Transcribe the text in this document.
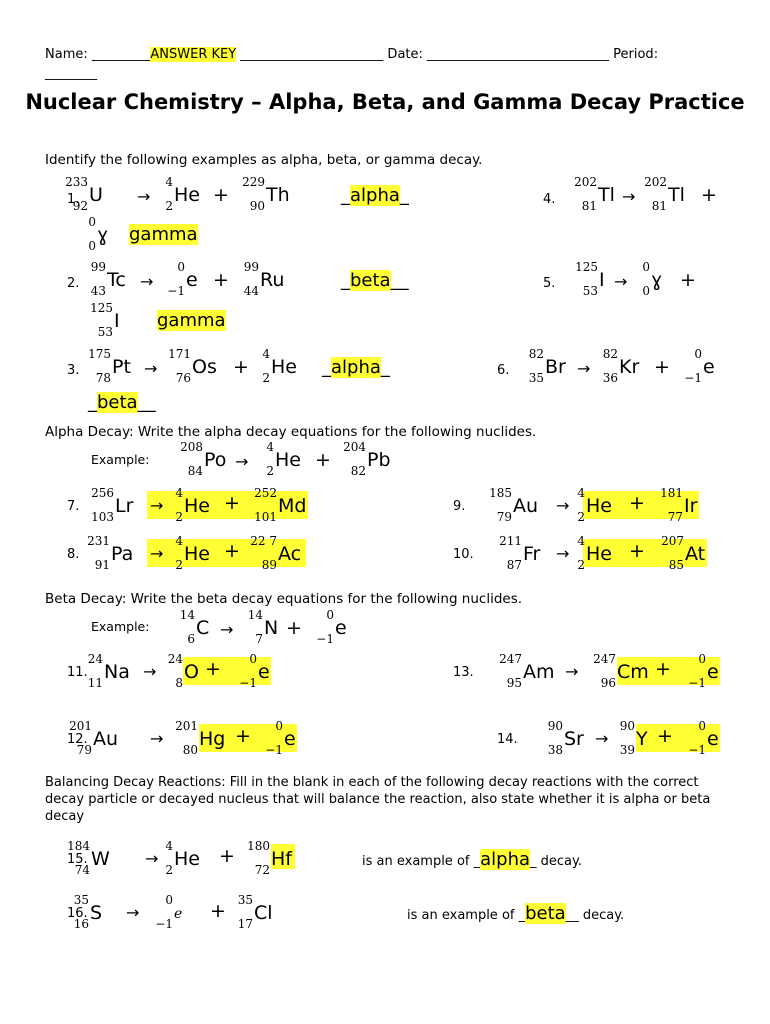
Name: _________ANSWER KEY ______________________ Date: ____________________________ Period:
________
Nuclear Chemistry – Alpha, Beta, and Gamma Decay Practice
Identify the following examples as alpha, beta, or gamma decay.
1.
233
92 U →
4
2 He +
229
90 Th	_alpha_	4.
202
81 Tl →
202
81 Tl +
0
0 ɣ gamma
2.
99
43 Tc →
0
−1 e +
99
44 Ru	_beta__	5.
125
53 I →
0
0 ɣ +
125
53 I gamma
3.
175
78 Pt →
171
76 Os +
4
2 He _alpha_	6.
82
35 Br →
82
36 Kr +
0
−1 e
_beta__
Alpha Decay: Write the alpha decay equations for the following nuclides.
Example:
208
84 Po →
4
2 He +
204
82 Pb
7.
256
103 Lr →
4
2 He +	252
101 Md	9.
185
79 Au →
4
2 He +	181
77 Ir
8.
231
91 Pa →
4
2 He + 22 7
89 Ac	10.
211
87 Fr →
4
2 He +	207
85 At
Beta Decay: Write the beta decay equations for the following nuclides.
Example:
14
6 C →
14
7 N +
0
−1 e
11.
24
11 Na →
24
8 O +	0
−1 e	13.
247
95 Am →
247
96 Cm +	0
−1 e
12.
201
79 Au →
201
80 Hg +	0
−1 e	14.
90
38 Sr →
90
39 Y +	0
−1 e
Balancing Decay Reactions: Fill in the blank in each of the following decay reactions with the correct decay particle or decayed nucleus that will balance the reaction, also state whether it is alpha or beta decay
15.
184
74 W →
4
2 He +	180
72 Hf	is an example of _alpha_ decay.
16.
35
16 S →
0
−1
e + 35
17 Cl	is an example of _beta__ decay.
